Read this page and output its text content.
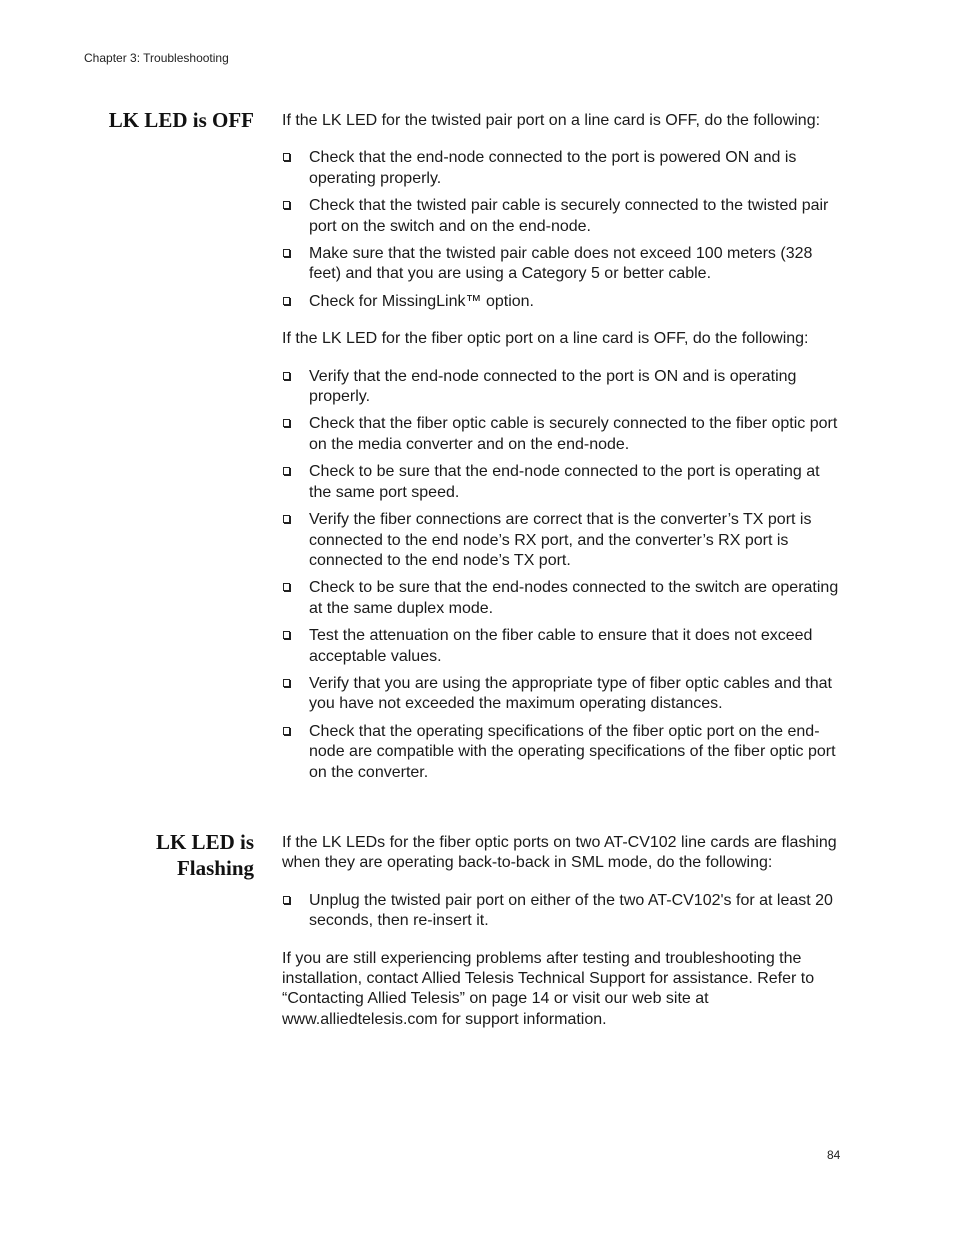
Chapter 3: Troubleshooting
LK LED is OFF If the LK LED for the twisted pair port on a line card is OFF, do the following:

Check that the end-node connected to the port is powered ON and is operating properly.
Check that the twisted pair cable is securely connected to the twisted pair port on the switch and on the end-node.
Make sure that the twisted pair cable does not exceed 100 meters (328 feet) and that you are using a Category 5 or better cable.
Check for MissingLink™ option.

If the LK LED for the fiber optic port on a line card is OFF, do the following:

Verify that the end-node connected to the port is ON and is operating properly.
Check that the fiber optic cable is securely connected to the fiber optic port on the media converter and on the end-node.
Check to be sure that the end-node connected to the port is operating at the same port speed.
Verify the fiber connections are correct that is the converter’s TX port is connected to the end node’s RX port, and the converter’s RX port is connected to the end node’s TX port.
Check to be sure that the end-nodes connected to the switch are operating at the same duplex mode.
Test the attenuation on the fiber cable to ensure that it does not exceed acceptable values.
Verify that you are using the appropriate type of fiber optic cables and that you have not exceeded the maximum operating distances.
Check that the operating specifications of the fiber optic port on the end-node are compatible with the operating specifications of the fiber optic port on the converter.
LK LED is
Flashing

If the LK LEDs for the fiber optic ports on two AT-CV102 line cards are flashing when they are operating back-to-back in SML mode, do the following:

Unplug the twisted pair port on either of the two AT-CV102's for at least 20 seconds, then re-insert it.

If you are still experiencing problems after testing and troubleshooting the installation, contact Allied Telesis Technical Support for assistance. Refer to “Contacting Allied Telesis” on page 14 or visit our web site at www.alliedtelesis.com for support information.

84
